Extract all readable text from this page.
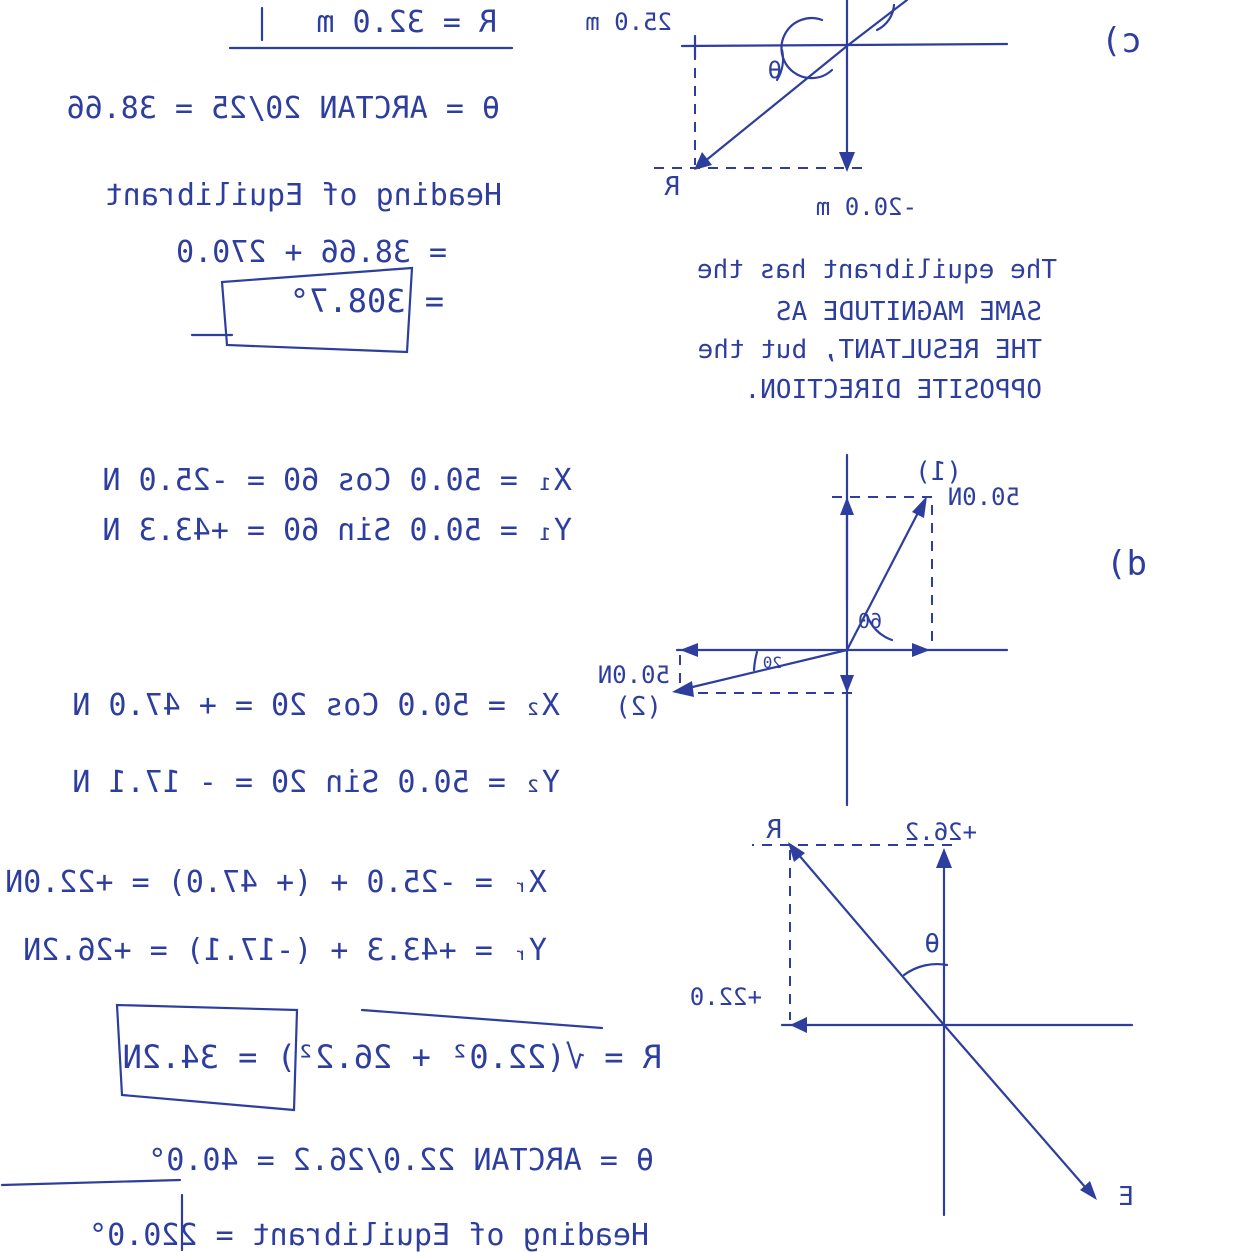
c)
R = 32.0 m
θ = ARCTAN 20/25 = 38.66
Heading of Equilibrant
= 38.66 + 270.0
= 308.7°
θ
25.0 m
-20.0 m
R
The equilibrant has the
SAME MAGNITUDE AS
THE RESULTANT, but the
OPPOSITE DIRECTION.
d)
60
20
(1)
50.0N
(2)
50.0N
X₁ = 50.0 Cos 60 = -25.0 N
Y₁ = 50.0 Sin 60 = +43.3 N
X₂ = 50.0 Cos 20 = + 47.0 N
Y₂ = 50.0 Sin 20 = - 17.1 N
Xᵣ = -25.0 + (+ 47.0) = +22.0N
Yᵣ = +43.3 + (-17.1) = +26.2N
R = √(22.0² + 26.2²) = 34.2N
θ = ARCTAN 22.0/26.2 = 40.0°
Heading of Equilibrant = 220.0°
θ
R	+26.2
+22.0
E
